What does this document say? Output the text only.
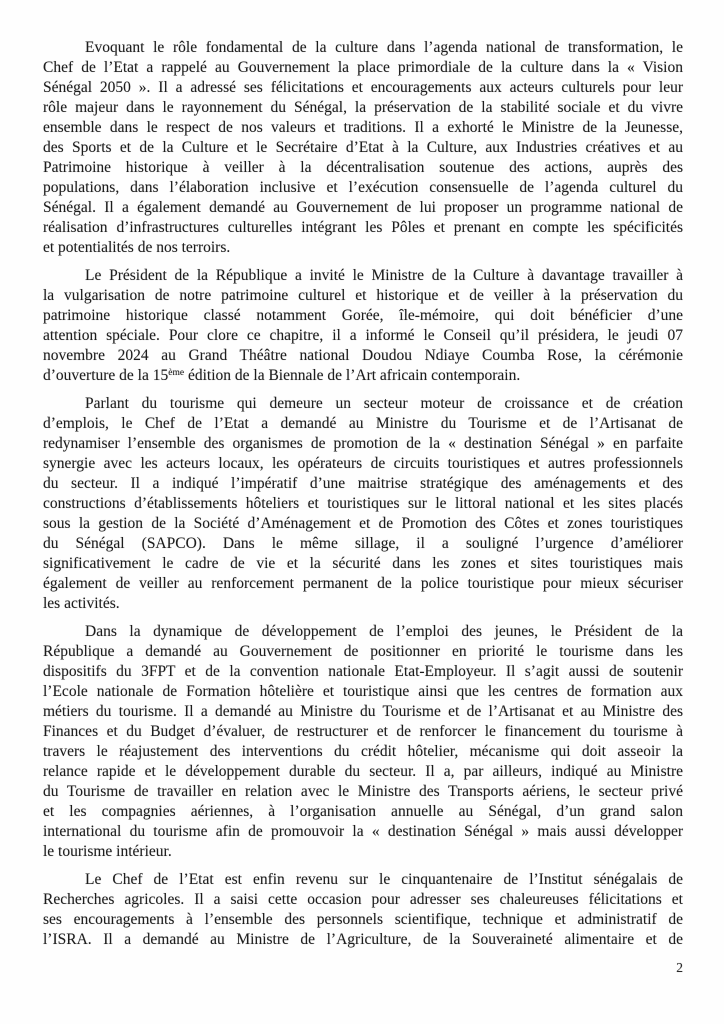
Evoquant le rôle fondamental de la culture dans l’agenda national de transformation, le
Chef de l’Etat a rappelé au Gouvernement la place primordiale de la culture dans la « Vision
Sénégal 2050 ». Il a adressé ses félicitations et encouragements aux acteurs culturels pour leur
rôle majeur dans le rayonnement du Sénégal, la préservation de la stabilité sociale et du vivre
ensemble dans le respect de nos valeurs et traditions. Il a exhorté le Ministre de la Jeunesse,
des Sports et de la Culture et le Secrétaire d’Etat à la Culture, aux Industries créatives et au
Patrimoine historique à veiller à la décentralisation soutenue des actions, auprès des
populations, dans l’élaboration inclusive et l’exécution consensuelle de l’agenda culturel du
Sénégal. Il a également demandé au Gouvernement de lui proposer un programme national de
réalisation d’infrastructures culturelles intégrant les Pôles et prenant en compte les spécificités
et potentialités de nos terroirs.

Le Président de la République a invité le Ministre de la Culture à davantage travailler à
la vulgarisation de notre patrimoine culturel et historique et de veiller à la préservation du
patrimoine historique classé notamment Gorée, île-mémoire, qui doit bénéficier d’une
attention spéciale. Pour clore ce chapitre, il a informé le Conseil qu’il présidera, le jeudi 07
novembre 2024 au Grand Théâtre national Doudou Ndiaye Coumba Rose, la cérémonie
d’ouverture de la 15ème édition de la Biennale de l’Art africain contemporain.

Parlant du tourisme qui demeure un secteur moteur de croissance et de création
d’emplois, le Chef de l’Etat a demandé au Ministre du Tourisme et de l’Artisanat de
redynamiser l’ensemble des organismes de promotion de la « destination Sénégal » en parfaite
synergie avec les acteurs locaux, les opérateurs de circuits touristiques et autres professionnels
du secteur. Il a indiqué l’impératif d’une maitrise stratégique des aménagements et des
constructions d’établissements hôteliers et touristiques sur le littoral national et les sites placés
sous la gestion de la Société d’Aménagement et de Promotion des Côtes et zones touristiques
du Sénégal (SAPCO). Dans le même sillage, il a souligné l’urgence d’améliorer
significativement le cadre de vie et la sécurité dans les zones et sites touristiques mais
également de veiller au renforcement permanent de la police touristique pour mieux sécuriser
les activités.

Dans la dynamique de développement de l’emploi des jeunes, le Président de la
République a demandé au Gouvernement de positionner en priorité le tourisme dans les
dispositifs du 3FPT et de la convention nationale Etat-Employeur. Il s’agit aussi de soutenir
l’Ecole nationale de Formation hôtelière et touristique ainsi que les centres de formation aux
métiers du tourisme. Il a demandé au Ministre du Tourisme et de l’Artisanat et au Ministre des
Finances et du Budget d’évaluer, de restructurer et de renforcer le financement du tourisme à
travers le réajustement des interventions du crédit hôtelier, mécanisme qui doit asseoir la
relance rapide et le développement durable du secteur. Il a, par ailleurs, indiqué au Ministre
du Tourisme de travailler en relation avec le Ministre des Transports aériens, le secteur privé
et les compagnies aériennes, à l’organisation annuelle au Sénégal, d’un grand salon
international du tourisme afin de promouvoir la « destination Sénégal » mais aussi développer
le tourisme intérieur.

Le Chef de l’Etat est enfin revenu sur le cinquantenaire de l’Institut sénégalais de
Recherches agricoles. Il a saisi cette occasion pour adresser ses chaleureuses félicitations et
ses encouragements à l’ensemble des personnels scientifique, technique et administratif de
l’ISRA. Il a demandé au Ministre de l’Agriculture, de la Souveraineté alimentaire et de

2
